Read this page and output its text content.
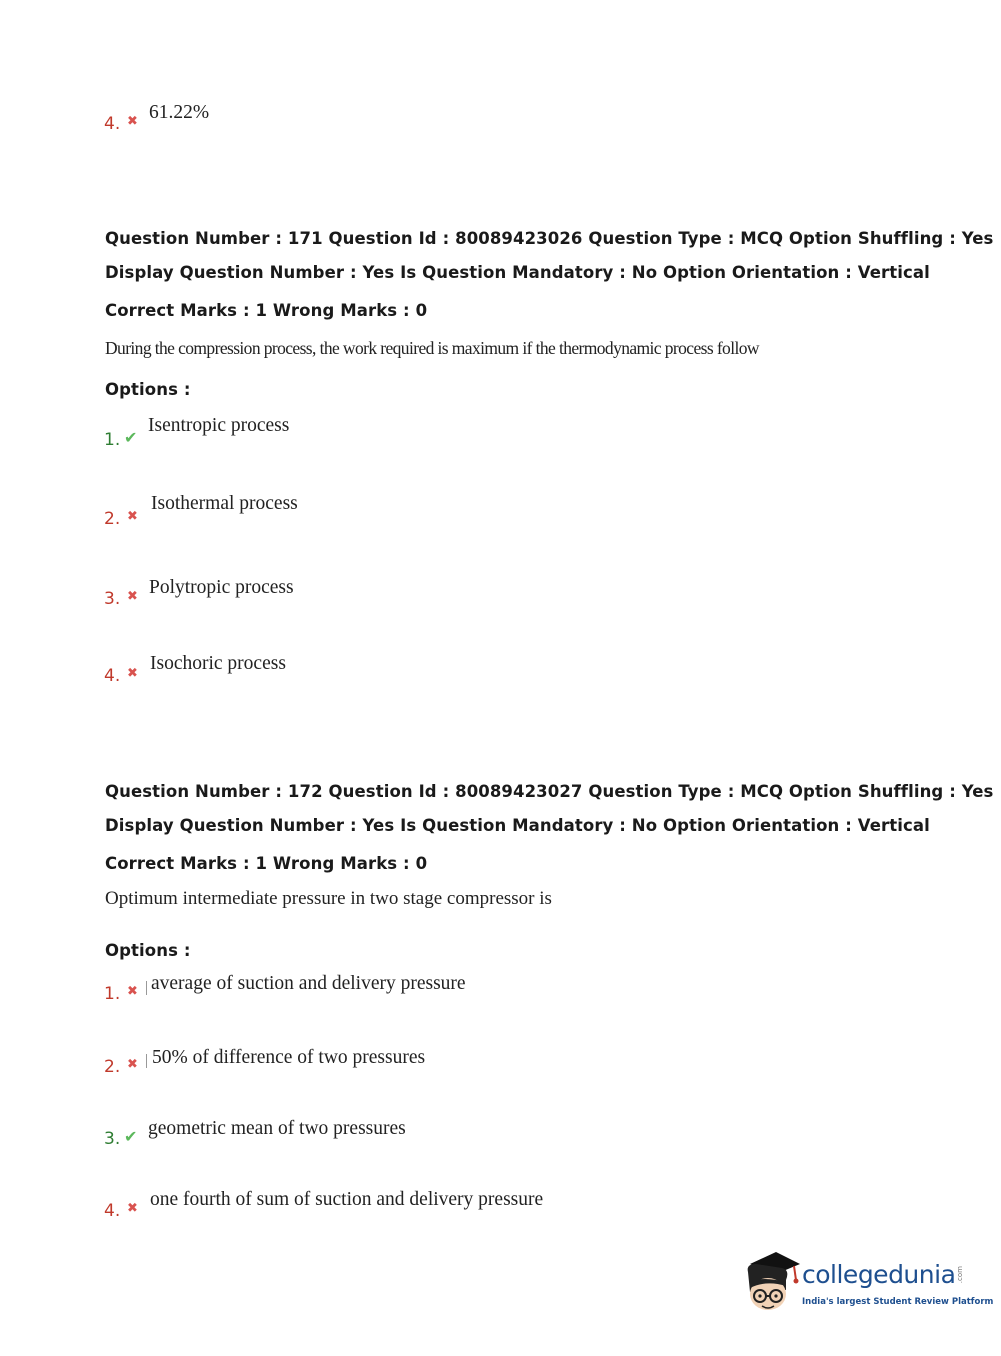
4. ✖ 61.22%
Question Number : 171 Question Id : 80089423026 Question Type : MCQ Option Shuffling : Yes
Display Question Number : Yes Is Question Mandatory : No Option Orientation : Vertical
Correct Marks : 1 Wrong Marks : 0
During the compression process, the work required is maximum if the thermodynamic process follow
Options :
1. ✔
Isentropic process
2. ✖
Isothermal process
3. ✖ Polytropic process
4. ✖ Isochoric process
Question Number : 172 Question Id : 80089423027 Question Type : MCQ Option Shuffling : Yes
Display Question Number : Yes Is Question Mandatory : No Option Orientation : Vertical
Correct Marks : 1 Wrong Marks : 0
Optimum intermediate pressure in two stage compressor is
Options :
1. ✖ average of suction and delivery pressure
2. ✖ 50% of difference of two pressures
3. ✔ geometric mean of two pressures
4. ✖ one fourth of sum of suction and delivery pressure
collegedunia .com
India's largest Student Review Platform
